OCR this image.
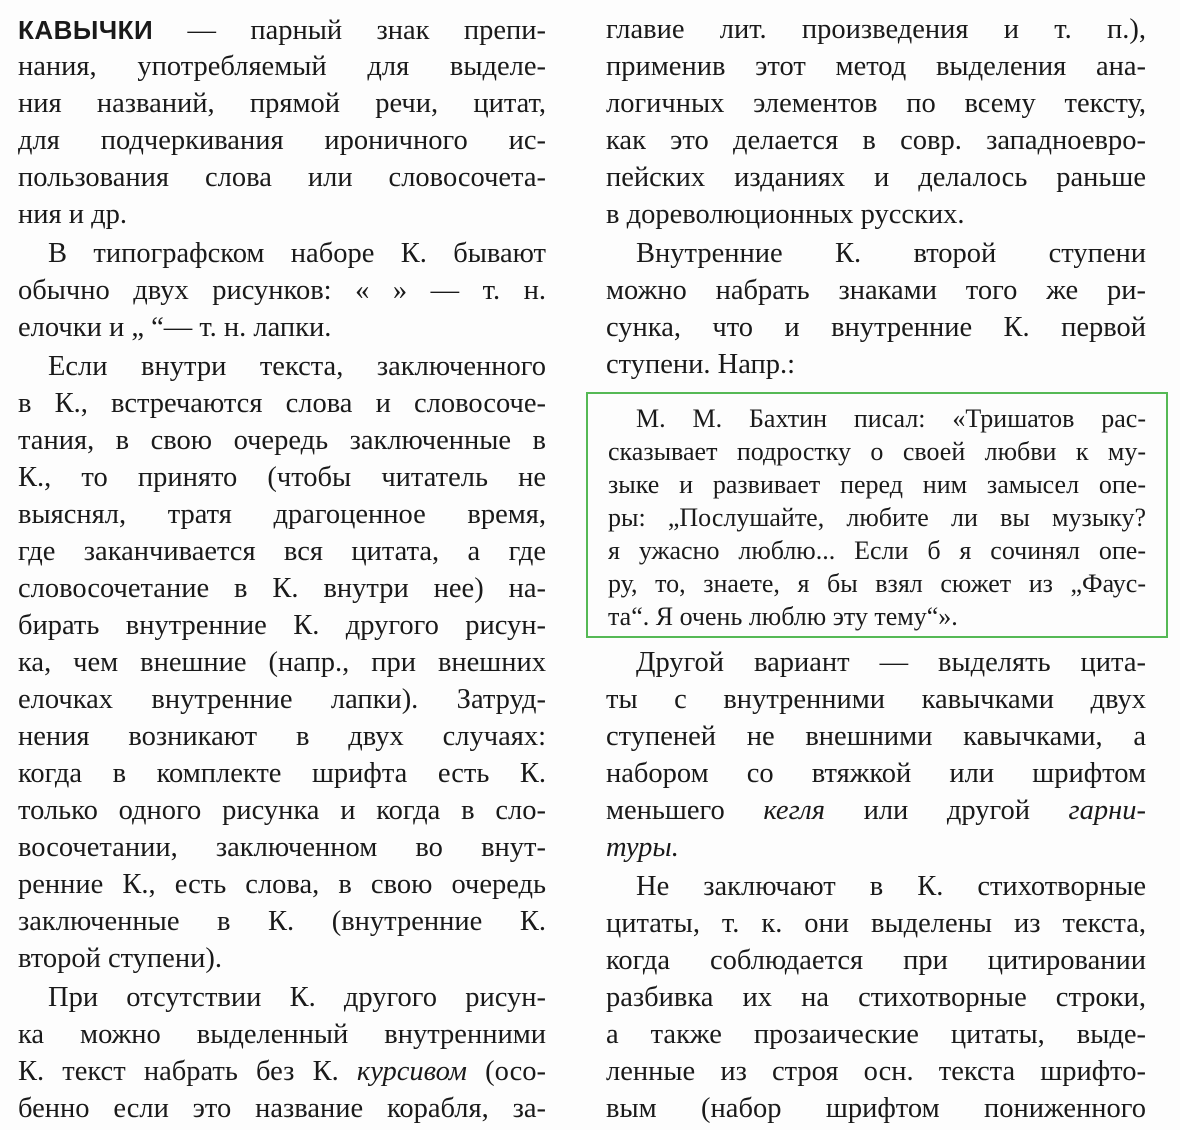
КАВЫЧКИ — парный знак препи-
нания, употребляемый для выделе-
ния названий, прямой речи, цитат,
для подчеркивания ироничного ис-
пользования слова или словосочета-
ния и др.
В типографском наборе К. бывают
обычно двух рисунков: « » — т. н.
елочки и „ “— т. н. лапки.
Если внутри текста, заключенного
в К., встречаются слова и словосоче-
тания, в свою очередь заключенные в
К., то принято (чтобы читатель не
выяснял, тратя драгоценное время,
где заканчивается вся цитата, а где
словосочетание в К. внутри нее) на-
бирать внутренние К. другого рисун-
ка, чем внешние (напр., при внешних
елочках внутренние лапки). Затруд-
нения возникают в двух случаях:
когда в комплекте шрифта есть К.
только одного рисунка и когда в сло-
восочетании, заключенном во внут-
ренние К., есть слова, в свою очередь
заключенные в К. (внутренние К.
второй ступени).
При отсутствии К. другого рисун-
ка можно выделенный внутренними
К. текст набрать без К. курсивом (осо-
бенно если это название корабля, за-
главие лит. произведения и т. п.),
применив этот метод выделения ана-
логичных элементов по всему тексту,
как это делается в совр. западноевро-
пейских изданиях и делалось раньше
в дореволюционных русских.
Внутренние К. второй ступени
можно набрать знаками того же ри-
сунка, что и внутренние К. первой
ступени. Напр.:
Другой вариант — выделять цита-
ты с внутренними кавычками двух
ступеней не внешними кавычками, а
набором со втяжкой или шрифтом
меньшего кегля или другой гарни-
туры.
Не заключают в К. стихотворные
цитаты, т. к. они выделены из текста,
когда соблюдается при цитировании
разбивка их на стихотворные строки,
а также прозаические цитаты, выде-
ленные из строя осн. текста шрифто-
вым (набор шрифтом пониженного
М. М. Бахтин писал: «Тришатов рас-
сказывает подростку о своей любви к му-
зыке и развивает перед ним замысел опе-
ры: „Послушайте, любите ли вы музыку?
я ужасно люблю... Если б я сочинял опе-
ру, то, знаете, я бы взял сюжет из „Фаус-
та“. Я очень люблю эту тему“».
